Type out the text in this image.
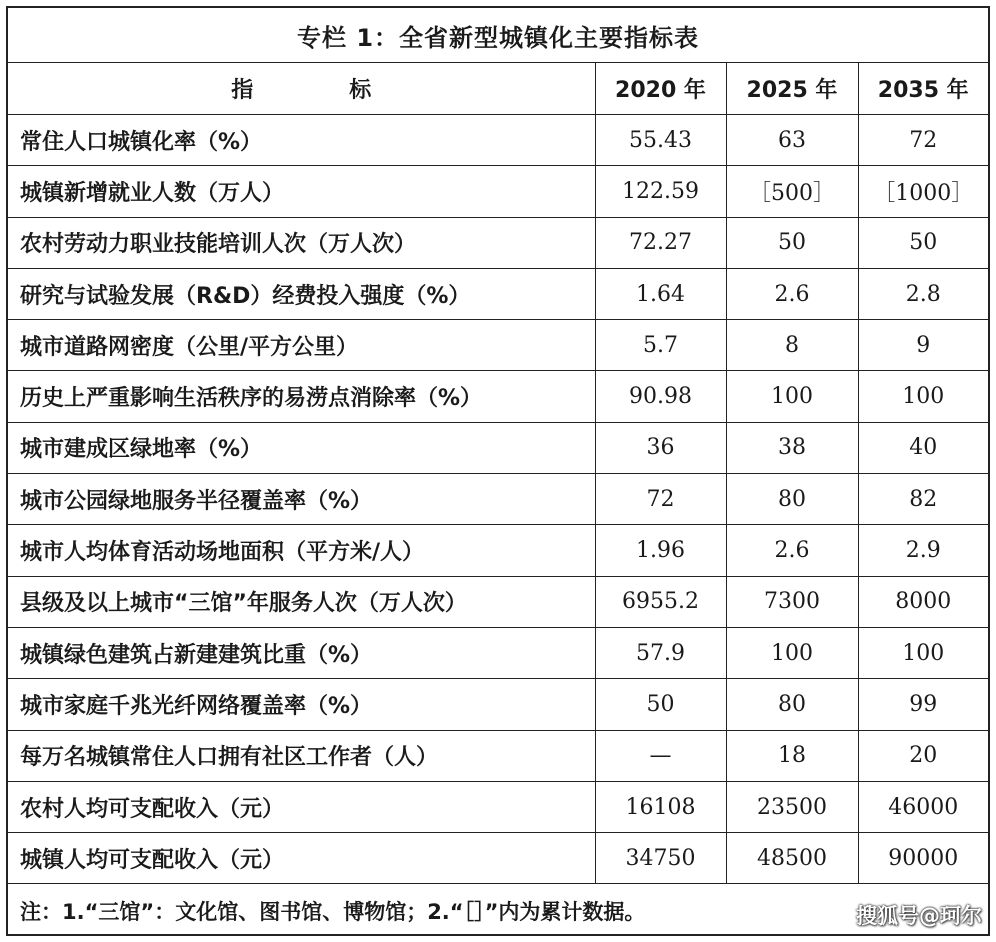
专栏 1：全省新型城镇化主要指标表
指 标	2020 年	2025 年	2035 年
常住人口城镇化率（%）	55.43	63	72
城镇新增就业人数（万人）	122.59	［500］	［1000］
农村劳动力职业技能培训人次（万人次）	72.27	50	50
研究与试验发展（R&D）经费投入强度（%）	1.64	2.6	2.8
城市道路网密度（公里/平方公里）	5.7	8	9
历史上严重影响生活秩序的易涝点消除率（%）	90.98	100	100
城市建成区绿地率（%）	36	38	40
城市公园绿地服务半径覆盖率（%）	72	80	82
城市人均体育活动场地面积（平方米/人）	1.96	2.6	2.9
县级及以上城市“三馆”年服务人次（万人次）	6955.2	7300	8000
城镇绿色建筑占新建建筑比重（%）	57.9	100	100
城市家庭千兆光纤网络覆盖率（%）	50	80	99
每万名城镇常住人口拥有社区工作者（人）	—	18	20
农村人均可支配收入（元）	16108	23500	46000
城镇人均可支配收入（元）	34750	48500	90000
注：1.“三馆”：文化馆、图书馆、博物馆；2.“［］”内为累计数据。	搜狐号@珂尔
